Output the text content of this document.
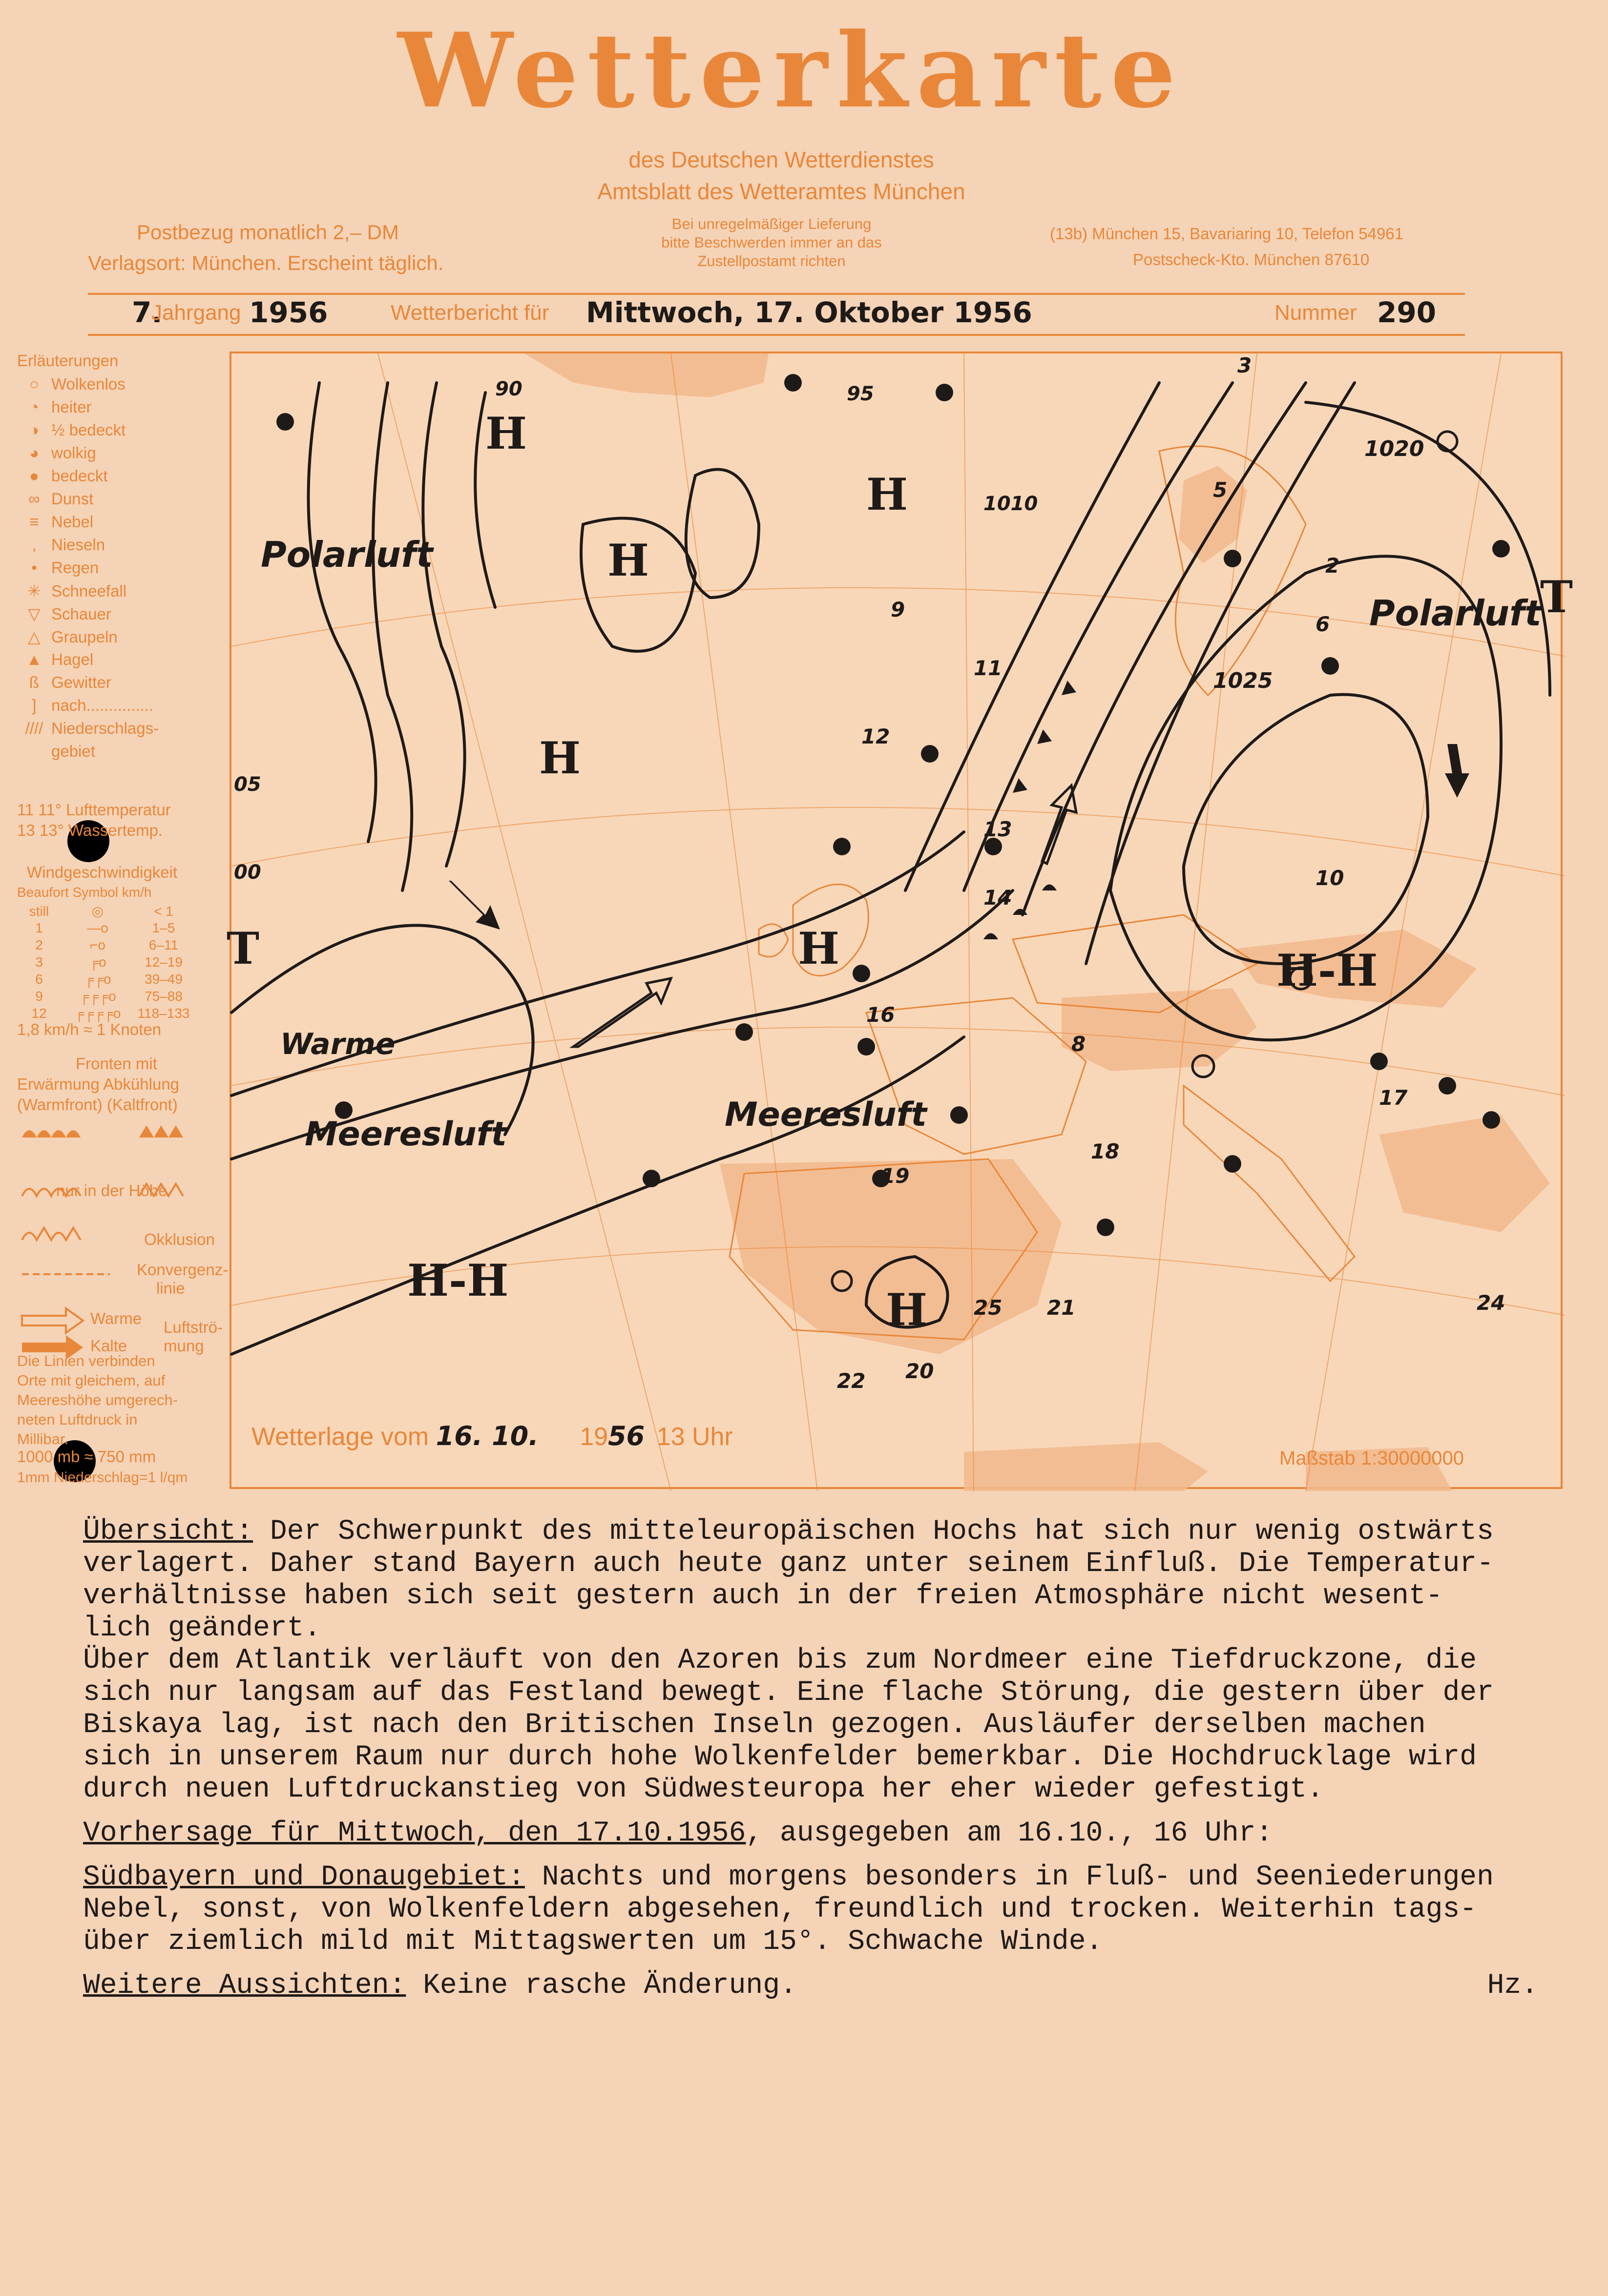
Wetterkarte
des Deutschen Wetterdienstes
Amtsblatt des Wetteramtes München
Postbezug monatlich 2,– DM
Verlagsort: München. Erscheint täglich.
Bei unregelmäßiger Lieferung
bitte Beschwerden immer an das
Zustellpostamt richten
(13b) München 15, Bavariaring 10, Telefon 54961
Postscheck-Kto. München 87610
7.
Jahrgang 1956	Wetterbericht für Mittwoch, 17. Oktober 1956	Nummer 290
Erläuterungen
○ Wolkenlos
◔ heiter
◑ ½ bedeckt
◕ wolkig
● bedeckt
∞ Dunst
≡ Nebel
, Nieseln
• Regen
✳ Schneefall
▽ Schauer
△ Graupeln
▲ Hagel
ß Gewitter
] nach...............
//// Niederschlags-
gebiet
11 11° Lufttemperatur
13 13° Wassertemp.
Windgeschwindigkeit
Beaufort Symbol km/h
still	◎	< 1
1	—o	1–5
2	⌐o	6–11
3	╒o	12–19
6	╒╒o 39–49
9	╒╒╒o 75–88
12 ╒╒╒╒o 118–133
1,8 km/h ≈ 1 Knoten
Fronten mit
Erwärmung Abkühlung
(Warmfront) (Kaltfront)
nur in der Höhe
Okklusion
Konvergenz-
linie
Warme
Kalte
Luftströ-
mung
Die Linien verbinden
Orte mit gleichem, auf
Meereshöhe umgerech-
neten Luftdruck in
Millibar.
1000 mb ≈ 750 mm
1mm Niederschlag=1 l/qm
H
H
H
H
H
H
H-H
H-H
T
T
Polarluft
Polarluft
Warme
Meeresluft
Meeresluft
1020
1025
1010
05
00
95
90
12
13
14
16
19
25
17
21
22 20
10
8
5
9
11
3
2
6
18
24
Wetterlage vom 16. 10. 1956 13 Uhr
Maßstab 1:30000000

Übersicht: Der Schwerpunkt des mitteleuropäischen Hochs hat sich nur wenig ostwärts

verlagert. Daher stand Bayern auch heute ganz unter seinem Einfluß. Die Temperatur-

verhältnisse haben sich seit gestern auch in der freien Atmosphäre nicht wesent-

lich geändert.

Über dem Atlantik verläuft von den Azoren bis zum Nordmeer eine Tiefdruckzone, die

sich nur langsam auf das Festland bewegt. Eine flache Störung, die gestern über der

Biskaya lag, ist nach den Britischen Inseln gezogen. Ausläufer derselben machen

sich in unserem Raum nur durch hohe Wolkenfelder bemerkbar. Die Hochdrucklage wird

durch neuen Luftdruckanstieg von Südwesteuropa her eher wieder gefestigt.

Vorhersage für Mittwoch, den 17.10.1956, ausgegeben am 16.10., 16 Uhr:

Südbayern und Donaugebiet: Nachts und morgens besonders in Fluß- und Seeniederungen

Nebel, sonst, von Wolkenfeldern abgesehen, freundlich und trocken. Weiterhin tags-

über ziemlich mild mit Mittagswerten um 15°. Schwache Winde.

Weitere Aussichten: Keine rasche Änderung.	Hz.
